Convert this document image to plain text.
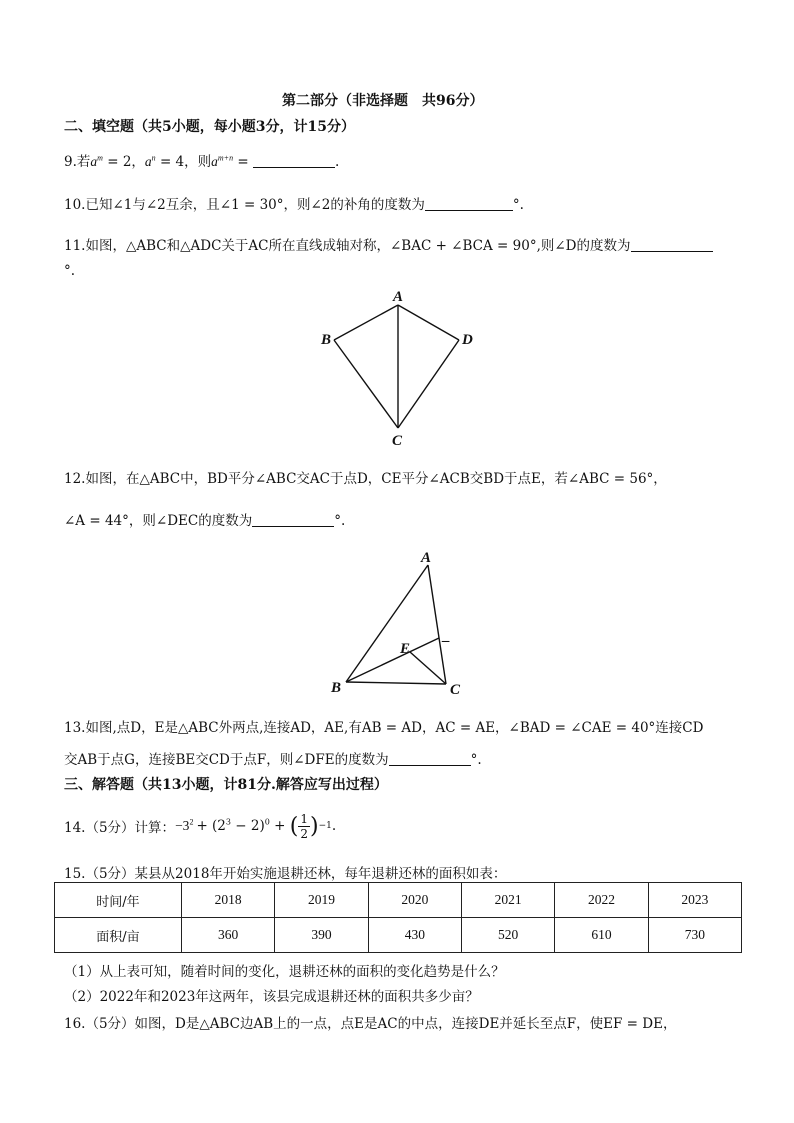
第二部分（非选择题　共96分）
二、填空题（共5小题，每小题3分，计15分）
9.若$a^m = 2$，$a^n = 4$，则$a^{m+n}$ =	.
10.已知∠1与∠2互余，且∠1 = 30°，则∠2的补角的度数为	°.
11.如图，△ABC和△ADC关于AC所在直线成轴对称，∠BAC + ∠BCA = 90°,则∠D的度数为
°.
A
B	D
C
12.如图，在△ABC中，BD平分∠ABC交AC于点D，CE平分∠ACB交BD于点E，若∠ABC = 56°，
∠A = 44°，则∠DEC的度数为	°.
A
B	C
E –
13.如图,点D，E是△ABC外两点,连接AD，AE,有AB = AD，AC = AE，∠BAD = ∠CAE = 40°连接CD
交AB于点G，连接BE交CD于点F，则∠DFE的度数为	°.
三、解答题（共13小题，计81分.解答应写出过程）
14.（5分）计算： $-3^2 + (2^3 - 2)^0$ + ( $\frac{1}{2}$ ) −1 .
15.（5分）某县从2018年开始实施退耕还林，每年退耕还林的面积如表：
时间/年	2018	2019	2020	2021	2022	2023
面积/亩	360	390	430	520	610	730
（1）从上表可知，随着时间的变化，退耕还林的面积的变化趋势是什么？
（2）2022年和2023年这两年，该县完成退耕还林的面积共多少亩？
16.（5分）如图，D是△ABC边AB上的一点，点E是AC的中点，连接DE并延长至点F，使EF = DE，
